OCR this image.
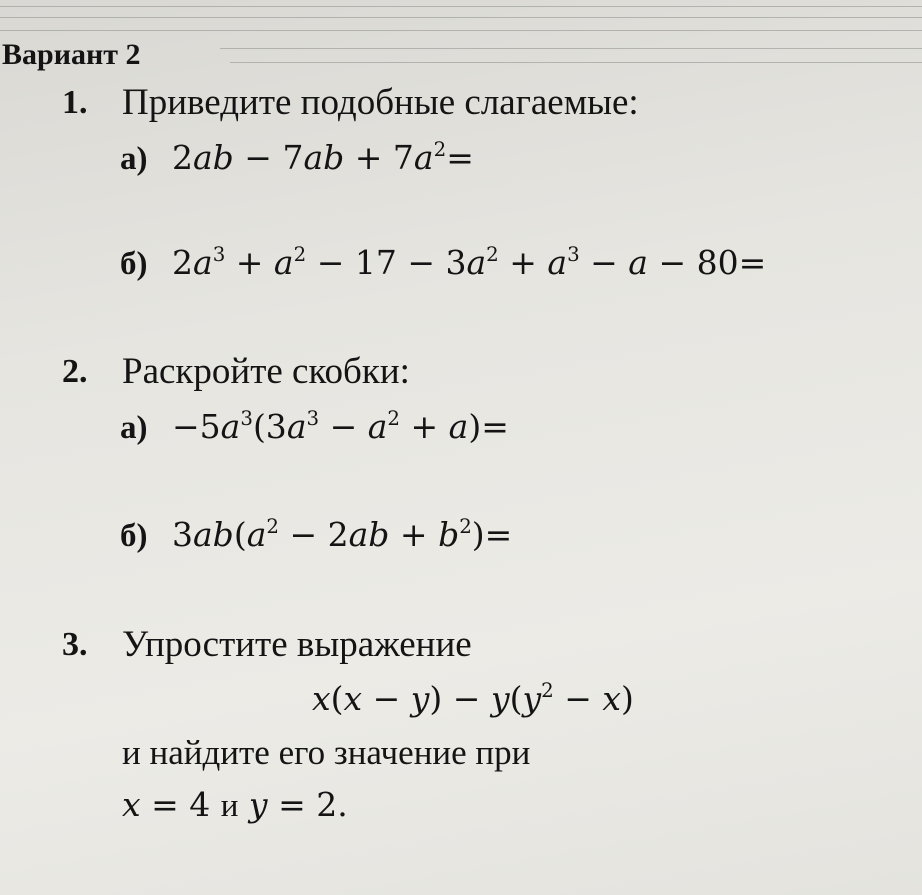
Вариант 2
1. Приведите подобные слагаемые:
а) $2ab - 7ab + 7a^2=$
б) $2a^3 + a^2 - 17 - 3a^2 + a^3 - a - 80=$
2. Раскройте скобки:
$а) -5a^3(3a^3 - a^2 + a)=$
б) $3ab(a^2 - 2ab + b^2)=$
3. Упростите выражение
$x(x - y) - y(y^2 - x)$
и найдите его значение при
x = 4 и y = 2.
